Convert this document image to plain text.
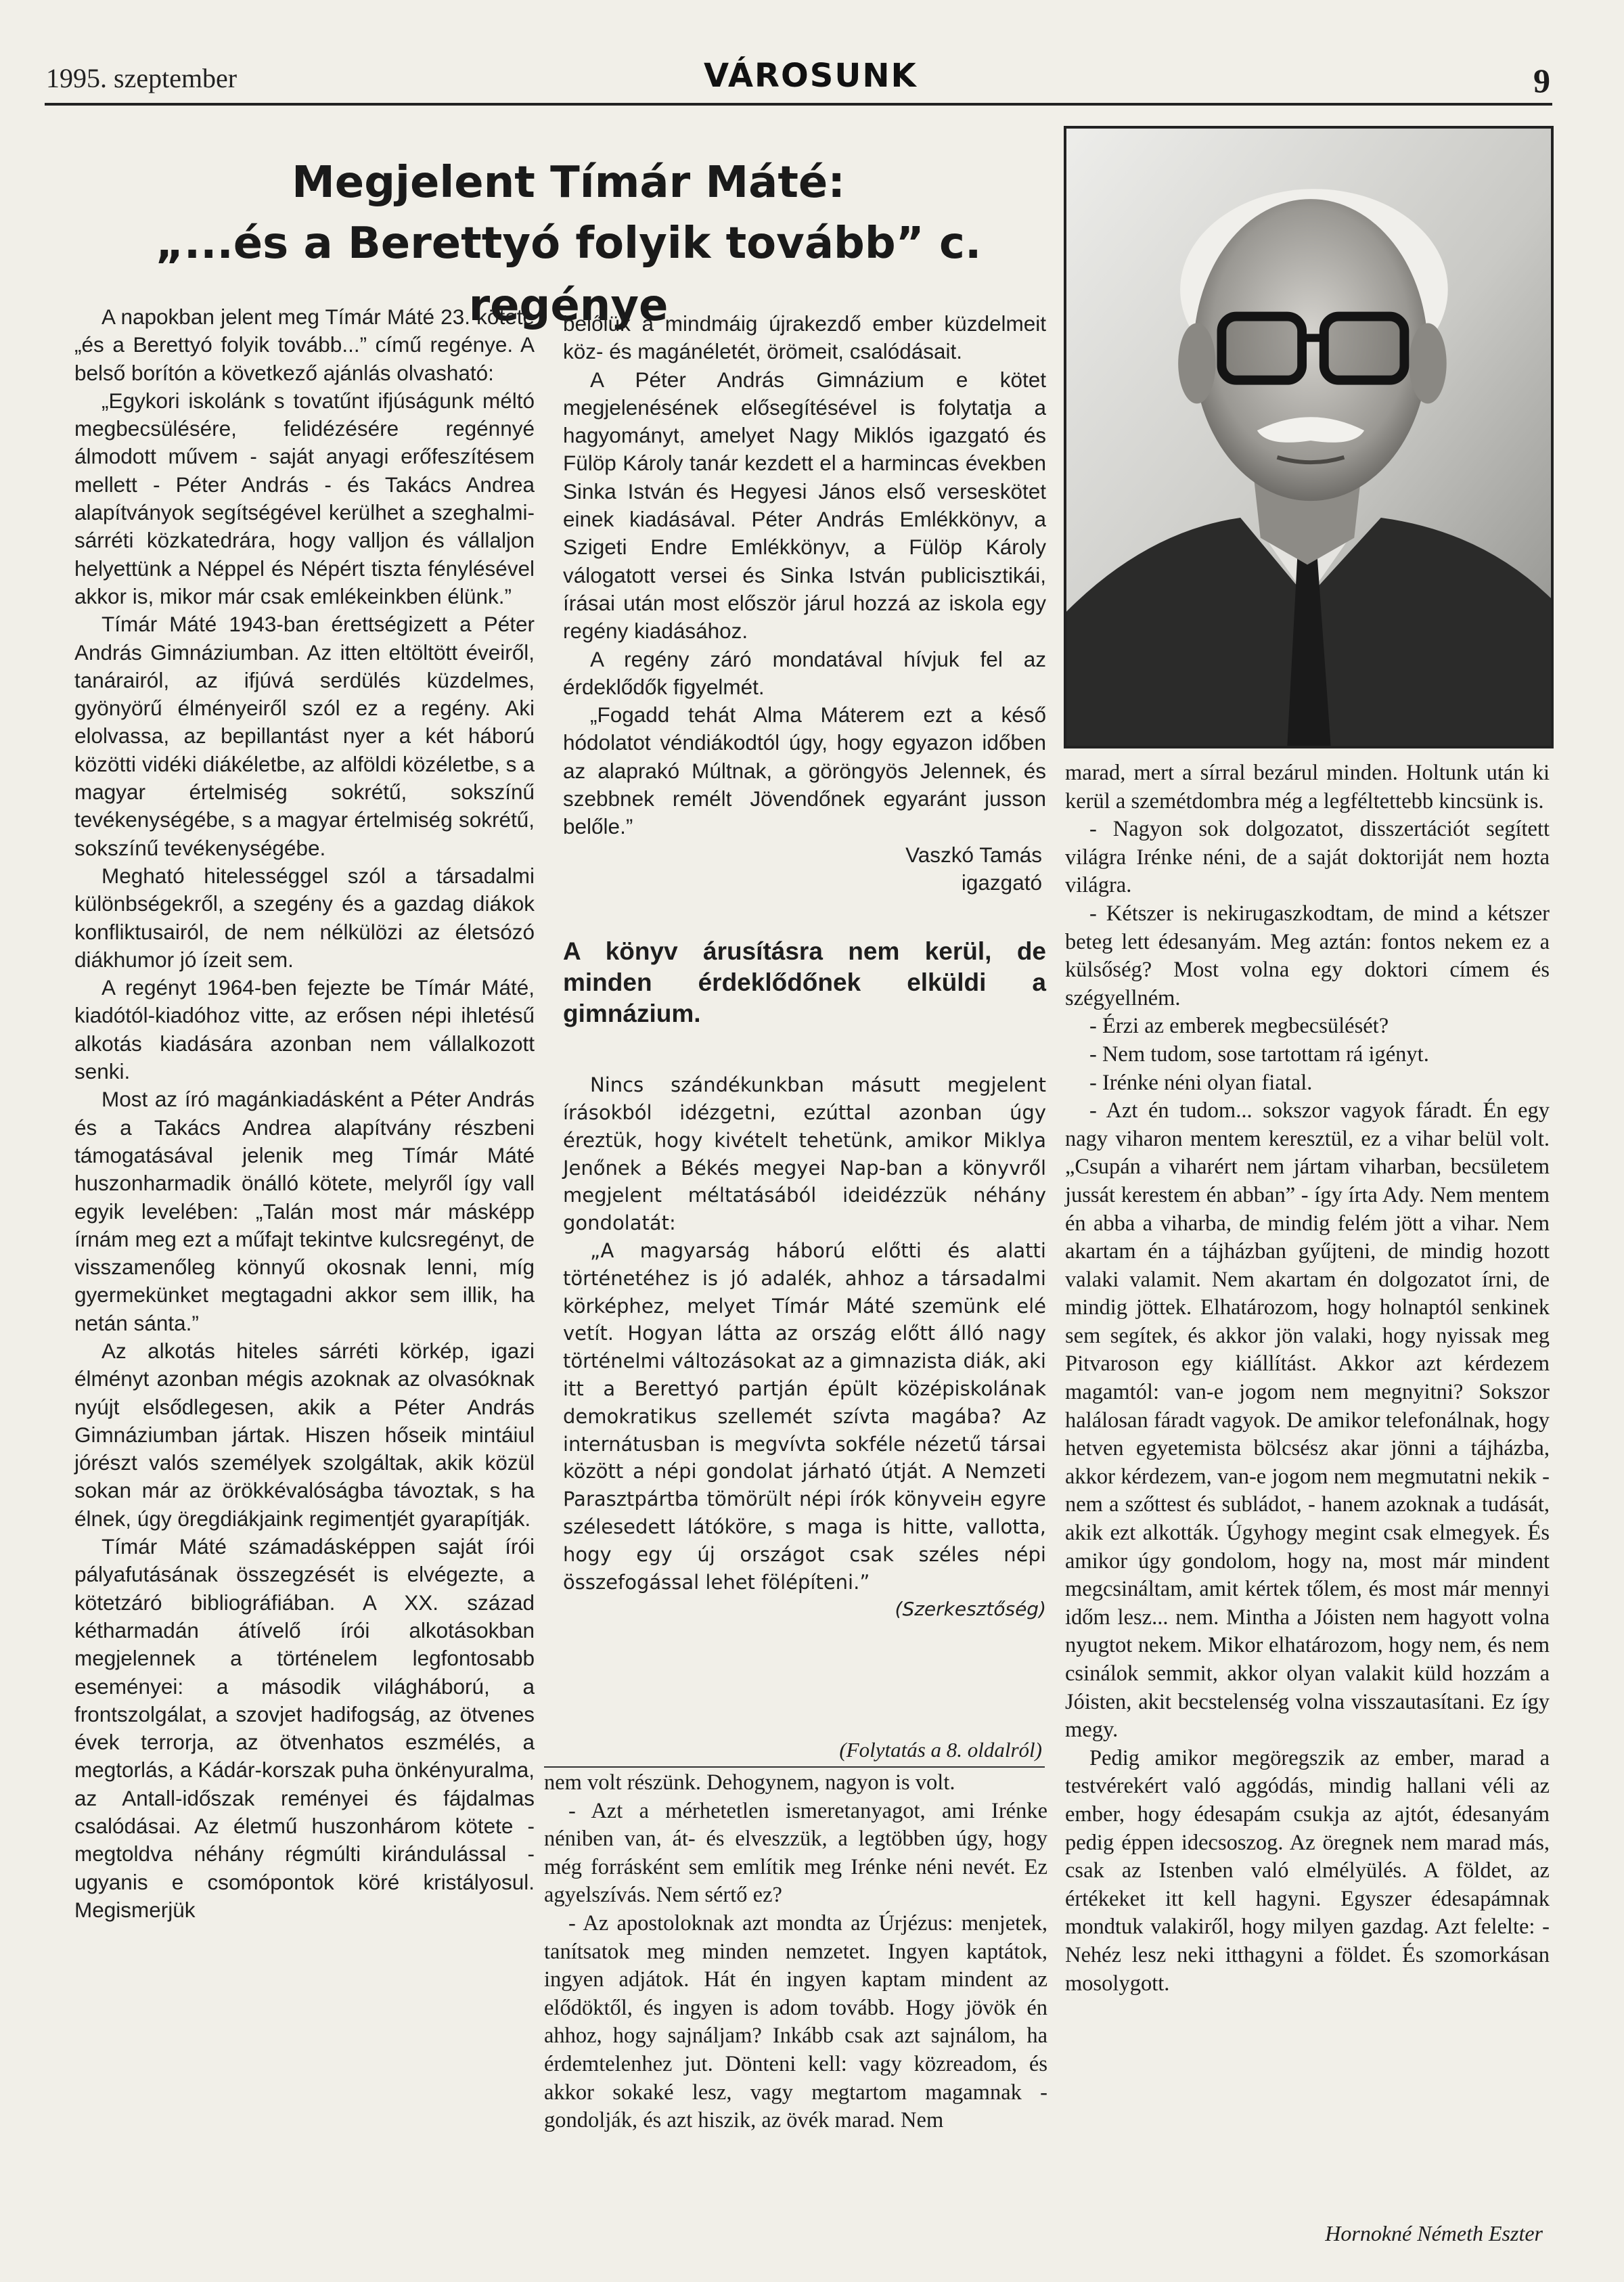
1995. szeptember	VÁROSUNK	9
Megjelent Tímár Máté:
„...és a Berettyó folyik tovább” c. regénye

A napokban jelent meg Tímár Máté 23. kötete „és a Berettyó folyik tovább...” című regénye. A belső borítón a következő ajánlás olvasható:

„Egykori iskolánk s tovatűnt ifjúságunk méltó megbecsülésére, felidézésére regénnyé álmodott művem - saját anyagi erőfeszítésem mellett - Péter András - és Takács Andrea alapítványok segítségével kerülhet a szeghalmi-sárréti közkatedrára, hogy valljon és vállaljon helyettünk a Néppel és Népért tiszta fénylésével akkor is, mikor már csak emlékeinkben élünk.”

Tímár Máté 1943-ban érettségizett a Péter András Gimnáziumban. Az itten eltöltött éveiről, tanárairól, az ifjúvá serdülés küzdelmes, gyönyörű élményeiről szól ez a regény. Aki elolvassa, az bepillantást nyer a két háború közötti vidéki diákéletbe, az alföldi közéletbe, s a magyar értelmiség sokrétű, sokszínű tevékenységébe, s a magyar értelmiség sokrétű, sokszínű tevékenységébe.

Megható hitelességgel szól a társadalmi különbségekről, a szegény és a gazdag diákok konfliktusairól, de nem nélkülözi az életsózó diákhumor jó ízeit sem.

A regényt 1964-ben fejezte be Tímár Máté, kiadótól-kiadóhoz vitte, az erősen népi ihletésű alkotás kiadására azonban nem vállalkozott senki.

Most az író magánkiadásként a Péter András és a Takács Andrea alapítvány részbeni támogatásával jelenik meg Tímár Máté huszonharmadik önálló kötete, melyről így vall egyik levelében: „Talán most már másképp írnám meg ezt a műfajt tekintve kulcsregényt, de visszamenőleg könnyű okosnak lenni, míg gyermekünket megtagadni akkor sem illik, ha netán sánta.”

Az alkotás hiteles sárréti körkép, igazi élményt azonban mégis azoknak az olvasóknak nyújt elsődlegesen, akik a Péter András Gimnáziumban jártak. Hiszen hőseik mintáiul jórészt valós személyek szolgáltak, akik közül sokan már az örökkévalóságba távoztak, s ha élnek, úgy öregdiákjaink regimentjét gyarapítják.

Tímár Máté számadásképpen saját írói pályafutásának összegzését is elvégezte, a kötetzáró bibliográfiában. A XX. század kétharmadán átívelő írói alkotásokban megjelennek a történelem legfontosabb eseményei: a második világháború, a frontszolgálat, a szovjet hadifogság, az ötvenes évek terrorja, az ötvenhatos eszmélés, a megtorlás, a Kádár-korszak puha önkényuralma, az Antall-időszak reményei és fájdalmas csalódásai. Az életmű huszonhárom kötete - megtoldva néhány régmúlti kirándulással - ugyanis e csomópontok köré kristályosul. Megismerjük

belőlük a mindmáig újrakezdő ember küzdelmeit köz- és magánéletét, örömeit, csalódásait.

A Péter András Gimnázium e kötet megjelenésének elősegítésével is folytatja a hagyományt, amelyet Nagy Miklós igazgató és Fülöp Károly tanár kezdett el a harmincas években Sinka István és Hegyesi János első verseskötet einek kiadásával. Péter András Emlékkönyv, a Szigeti Endre Emlékkönyv, a Fülöp Károly válogatott versei és Sinka István publicisztikái, írásai után most először járul hozzá az iskola egy regény kiadásához.

A regény záró mondatával hívjuk fel az érdeklődők figyelmét.

„Fogadd tehát Alma Máterem ezt a késő hódolatot véndiákodtól úgy, hogy egyazon időben az alaprakó Múltnak, a göröngyös Jelennek, és szebbnek remélt Jövendőnek egyaránt jusson belőle.”

Vaszkó Tamás
igazgató
A könyv árusításra nem kerül, de minden érdeklődőnek elküldi a gimnázium.

Nincs szándékunkban másutt megjelent írásokból idézgetni, ezúttal azonban úgy éreztük, hogy kivételt tehetünk, amikor Miklya Jenőnek a Békés megyei Nap-ban a könyvről megjelent méltatásából ideidézzük néhány gondolatát:

„A magyarság háború előtti és alatti történetéhez is jó adalék, ahhoz a társadalmi körképhez, melyet Tímár Máté szemünk elé vetít. Hogyan látta az ország előtt álló nagy történelmi változásokat az a gimnazista diák, aki itt a Berettyó partján épült középiskolának demokratikus szellemét szívta magába? Az internátusban is megvívta sokféle nézetű társai között a népi gondolat járható útját. A Nemzeti Parasztpártba tömörült népi írók könyveiн egyre szélesedett látóköre, s maga is hitte, vallotta, hogy egy új országot csak széles népi összefogással lehet fölépíteni.”

(Szerkesztőség)
(Folytatás a 8. oldalról)

nem volt részünk. Dehogynem, nagyon is volt.

- Azt a mérhetetlen ismeretanyagot, ami Irénke néniben van, át- és elveszzük, a legtöbben úgy, hogy még forrásként sem említik meg Irénke néni nevét. Ez agyelszívás. Nem sértő ez?

- Az apostoloknak azt mondta az Úrjézus: menjetek, tanítsatok meg minden nemzetet. Ingyen kaptátok, ingyen adjátok. Hát én ingyen kaptam mindent az elődöktől, és ingyen is adom tovább. Hogy jövök én ahhoz, hogy sajnáljam? Inkább csak azt sajnálom, ha érdemtelenhez jut. Dönteni kell: vagy közreadom, és akkor sokaké lesz, vagy megtartom magamnak - gondolják, és azt hiszik, az övék marad. Nem

marad, mert a sírral bezárul minden. Holtunk után ki kerül a szemétdombra még a legféltettebb kincsünk is.

- Nagyon sok dolgozatot, disszertációt segített világra Irénke néni, de a saját doktoriját nem hozta világra.

- Kétszer is nekirugaszkodtam, de mind a kétszer beteg lett édesanyám. Meg aztán: fontos nekem ez a külsőség? Most volna egy doktori címem és szégyellném.

- Érzi az emberek megbecsülését?

- Nem tudom, sose tartottam rá igényt.

- Irénke néni olyan fiatal.

- Azt én tudom... sokszor vagyok fáradt. Én egy nagy viharon mentem keresztül, ez a vihar belül volt. „Csupán a viharért nem jártam viharban, becsületem jussát kerestem én abban” - így írta Ady. Nem mentem én abba a viharba, de mindig felém jött a vihar. Nem akartam én a tájházban gyűjteni, de mindig hozott valaki valamit. Nem akartam én dolgozatot írni, de mindig jöttek. Elhatározom, hogy holnaptól senkinek sem segítek, és akkor jön valaki, hogy nyissak meg Pitvaroson egy kiállítást. Akkor azt kérdezem magamtól: van-e jogom nem megnyitni? Sokszor halálosan fáradt vagyok. De amikor telefonálnak, hogy hetven egyetemista bölcsész akar jönni a tájházba, akkor kérdezem, van-e jogom nem megmutatni nekik - nem a szőttest és subládot, - hanem azoknak a tudását, akik ezt alkották. Úgyhogy megint csak elmegyek. És amikor úgy gondolom, hogy na, most már mindent megcsináltam, amit kértek tőlem, és most már mennyi időm lesz... nem. Mintha a Jóisten nem hagyott volna nyugtot nekem. Mikor elhatározom, hogy nem, és nem csinálok semmit, akkor olyan valakit küld hozzám a Jóisten, akit becstelenség volna visszautasítani. Ez így megy.

Pedig amikor megöregszik az ember, marad a testvérekért való aggódás, mindig hallani véli az ember, hogy édesapám csukja az ajtót, édesanyám pedig éppen idecsoszog. Az öregnek nem marad más, csak az Istenben való elmélyülés. A földet, az értékeket itt kell hagyni. Egyszer édesapámnak mondtuk valakiről, hogy milyen gazdag. Azt felelte: - Nehéz lesz neki itthagyni a földet. És szomorkásan mosolygott.

Hornokné Németh Eszter
